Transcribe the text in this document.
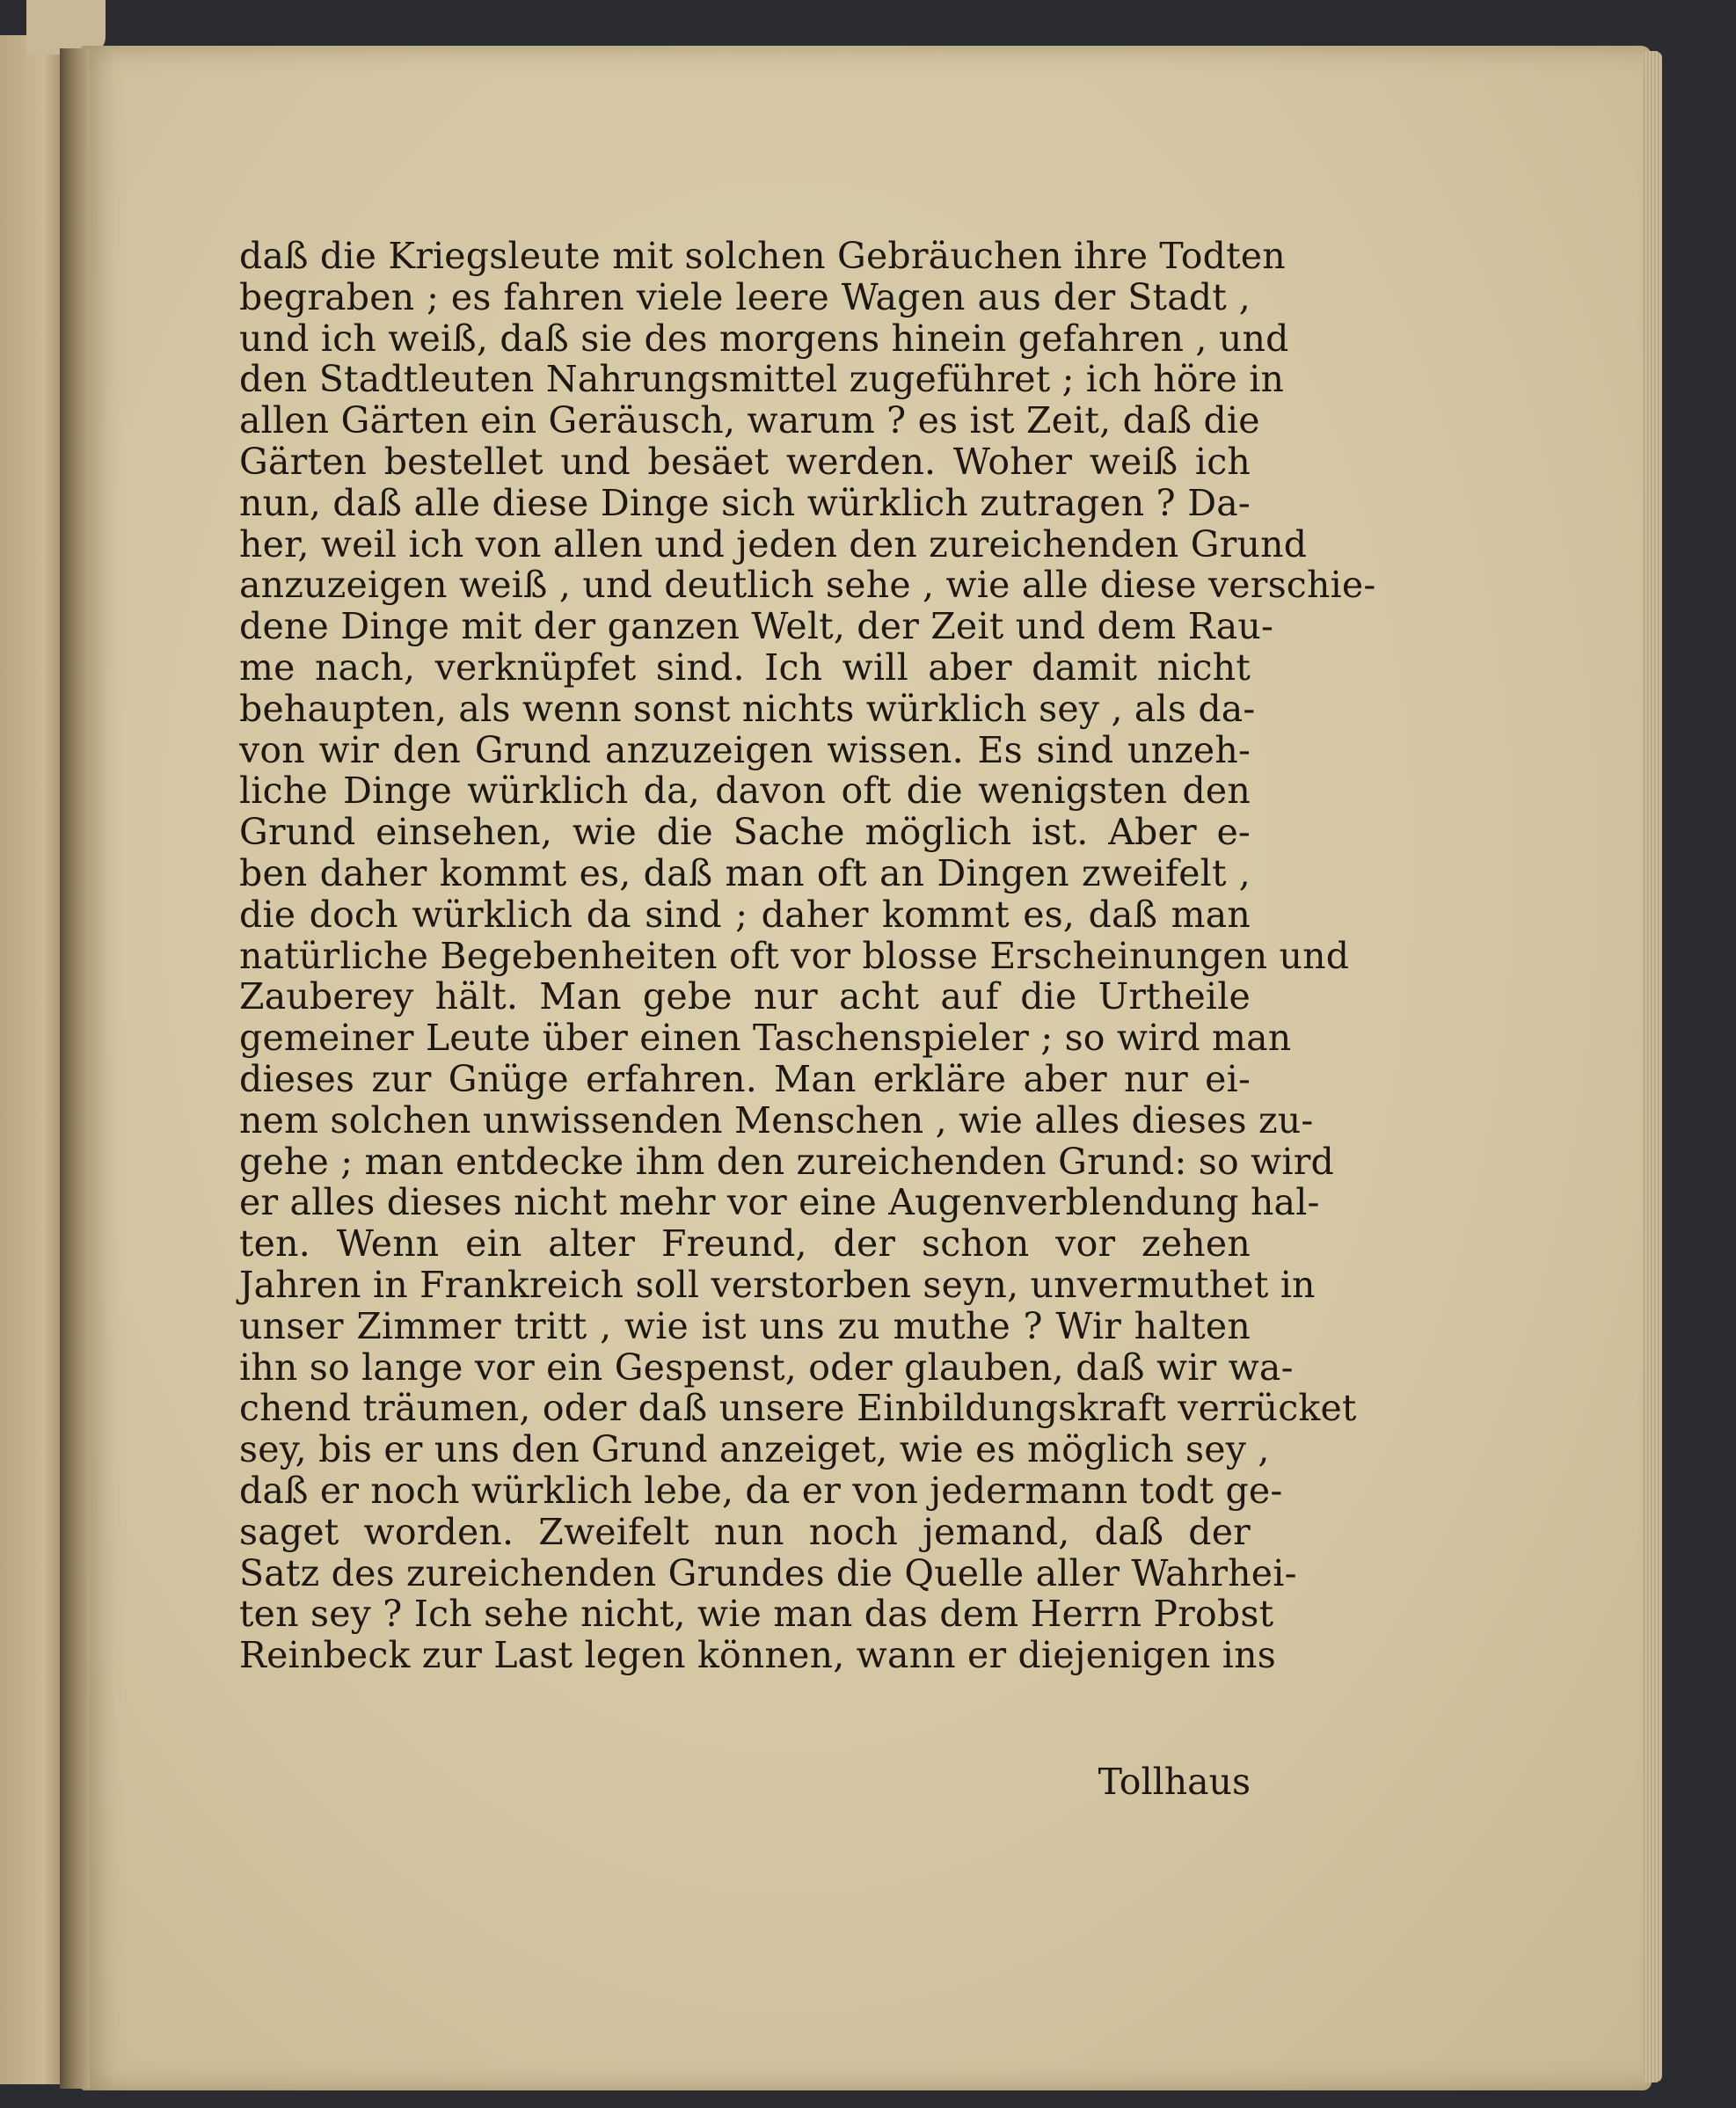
daß die Kriegsleute mit solchen Gebräuchen ihre Todten
begraben ; es fahren viele leere Wagen aus der Stadt ,
und ich weiß, daß sie des morgens hinein gefahren , und
den Stadtleuten Nahrungsmittel zugeführet ; ich höre in
allen Gärten ein Geräusch, warum ? es ist Zeit, daß die
Gärten bestellet und besäet werden. Woher weiß ich
nun, daß alle diese Dinge sich würklich zutragen ? Da-
her, weil ich von allen und jeden den zureichenden Grund
anzuzeigen weiß , und deutlich sehe , wie alle diese verschie-
dene Dinge mit der ganzen Welt, der Zeit und dem Rau-
me nach, verknüpfet sind. Ich will aber damit nicht
behaupten, als wenn sonst nichts würklich sey , als da-
von wir den Grund anzuzeigen wissen. Es sind unzeh-
liche Dinge würklich da, davon oft die wenigsten den
Grund einsehen, wie die Sache möglich ist. Aber e-
ben daher kommt es, daß man oft an Dingen zweifelt ,
die doch würklich da sind ; daher kommt es, daß man
natürliche Begebenheiten oft vor blosse Erscheinungen und
Zauberey hält. Man gebe nur acht auf die Urtheile
gemeiner Leute über einen Taschenspieler ; so wird man
dieses zur Gnüge erfahren. Man erkläre aber nur ei-
nem solchen unwissenden Menschen , wie alles dieses zu-
gehe ; man entdecke ihm den zureichenden Grund: so wird
er alles dieses nicht mehr vor eine Augenverblendung hal-
ten. Wenn ein alter Freund, der schon vor zehen
Jahren in Frankreich soll verstorben seyn, unvermuthet in
unser Zimmer tritt , wie ist uns zu muthe ? Wir halten
ihn so lange vor ein Gespenst, oder glauben, daß wir wa-
chend träumen, oder daß unsere Einbildungskraft verrücket
sey, bis er uns den Grund anzeiget, wie es möglich sey ,
daß er noch würklich lebe, da er von jedermann todt ge-
saget worden. Zweifelt nun noch jemand, daß der
Satz des zureichenden Grundes die Quelle aller Wahrhei-
ten sey ? Ich sehe nicht, wie man das dem Herrn Probst
Reinbeck zur Last legen können, wann er diejenigen ins
Tollhaus
